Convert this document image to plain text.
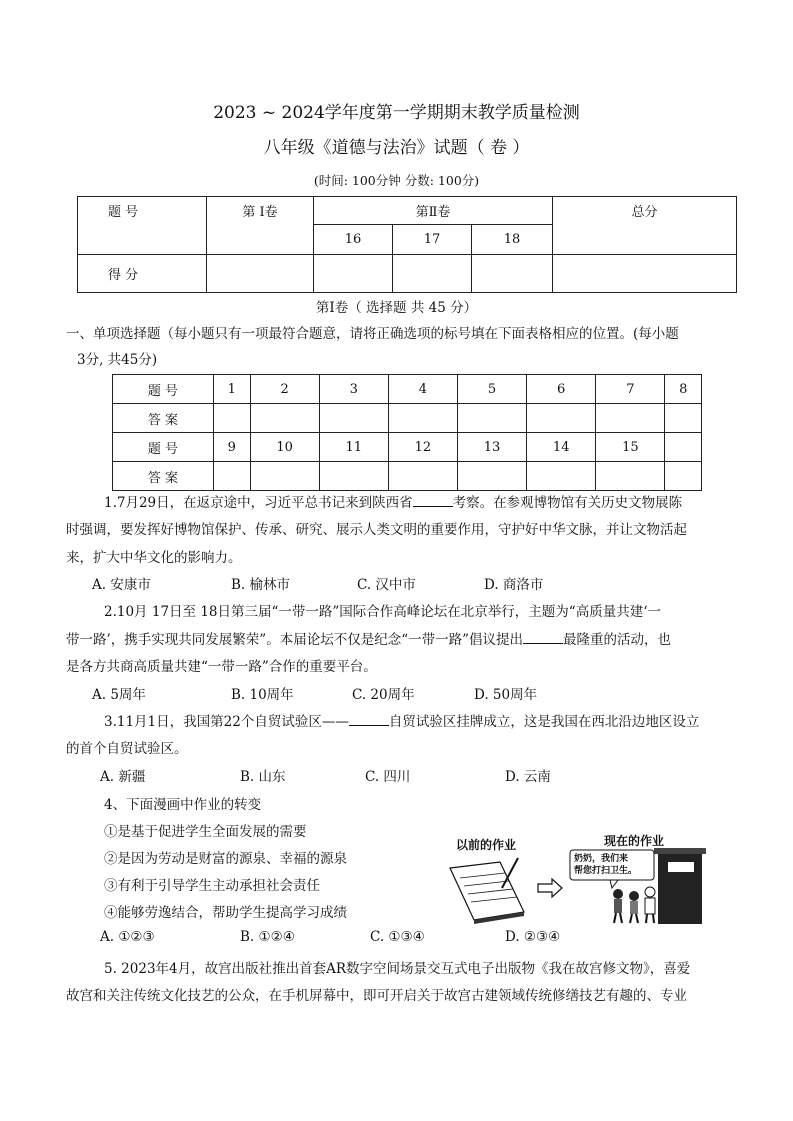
2023 ~ 2024学年度第一学期期末教学质量检测
八年级《道德与法治》试题（ 卷 ）
(时间: 100分钟 分数: 100分)
题 号	第 Ⅰ卷	第Ⅱ卷			总分
		16	17	18	
得 分					
第Ⅰ卷（ 选择题 共 45 分）
一、单项选择题（每小题只有一项最符合题意，请将正确选项的标号填在下面表格相应的位置。(每小题
3分, 共45分)
题 号	1	2	3	4	5	6	7	8
答 案								
题 号	9	10	11	12	13	14	15	
答 案								
1.7月29日，在返京途中，习近平总书记来到陕西省	考察。在参观博物馆有关历史文物展陈
时强调，要发挥好博物馆保护、传承、研究、展示人类文明的重要作用，守护好中华文脉，并让文物活起
来，扩大中华文化的影响力。
A. 安康市	B. 榆林市	C. 汉中市	D. 商洛市
2.10月 17日至 18日第三届“一带一路”国际合作高峰论坛在北京举行，主题为“高质量共建‘一
带一路’，携手实现共同发展繁荣”。本届论坛不仅是纪念“一带一路”倡议提出	最隆重的活动，也
是各方共商高质量共建“一带一路”合作的重要平台。
A. 5周年	B. 10周年	C. 20周年	D. 50周年
3.11月1日，我国第22个自贸试验区——	自贸试验区挂牌成立，这是我国在西北沿边地区设立
的首个自贸试验区。
A. 新疆	B. 山东	C. 四川	D. 云南
4、下面漫画中作业的转变
①是基于促进学生全面发展的需要
②是因为劳动是财富的源泉、幸福的源泉
③有利于引导学生主动承担社会责任
④能够劳逸结合，帮助学生提高学习成绩
A. ①②③	B. ①②④	C. ①③④	D. ②③④
以前的作业	现在的作业
奶奶，我们来
帮您打扫卫生。
5. 2023年4月，故宫出版社推出首套AR数字空间场景交互式电子出版物《我在故宫修文物》，喜爱
故宫和关注传统文化技艺的公众，在手机屏幕中，即可开启关于故宫古建领域传统修缮技艺有趣的、专业
